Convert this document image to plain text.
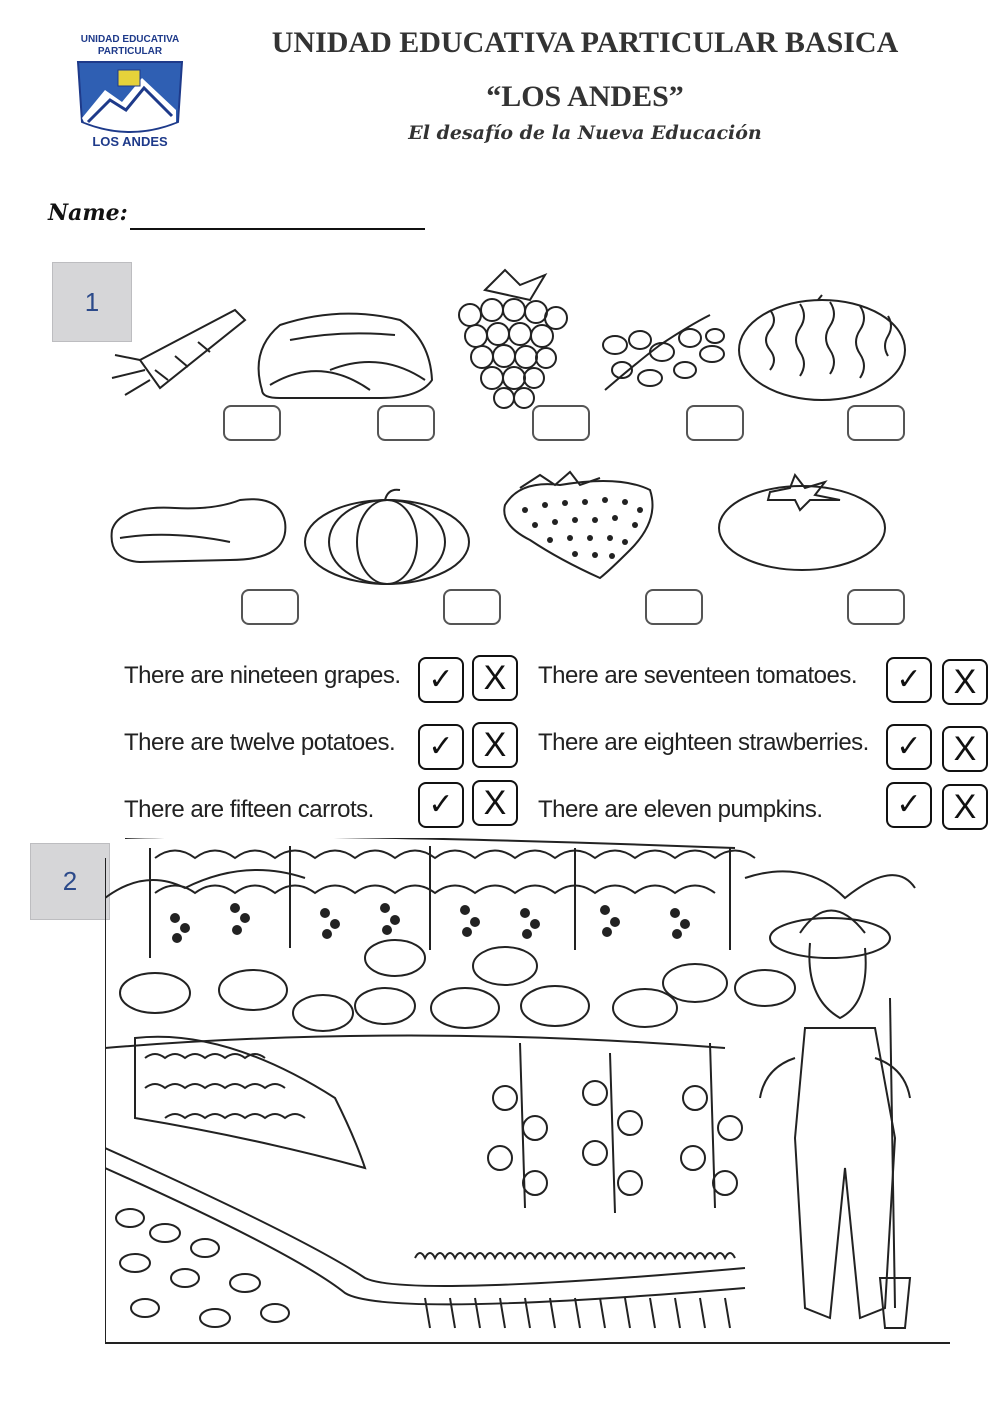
UNIDAD EDUCATIVA PARTICULAR
LOS ANDES
UNIDAD EDUCATIVA PARTICULAR BASICA
“LOS ANDES”
El desafío de la Nueva Educación
Name:
1
There are nineteen grapes. ✓ X	There are seventeen tomatoes.	✓ X
There are twelve potatoes.	✓ X	There are eighteen strawberries. ✓ X
There are fifteen carrots.	✓ X	There are eleven pumpkins.	✓ X
2
